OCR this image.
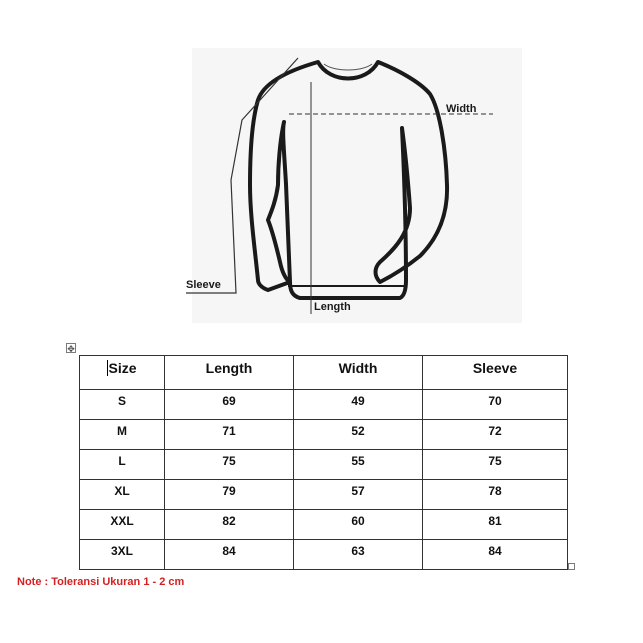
Width
Sleeve
Length
✥
Size	Length	Width	Sleeve
S	69	49	70
M	71	52	72
L	75	55	75
XL	79	57	78
XXL	82	60	81
3XL	84	63	84
Note : Toleransi Ukuran 1 - 2 cm
